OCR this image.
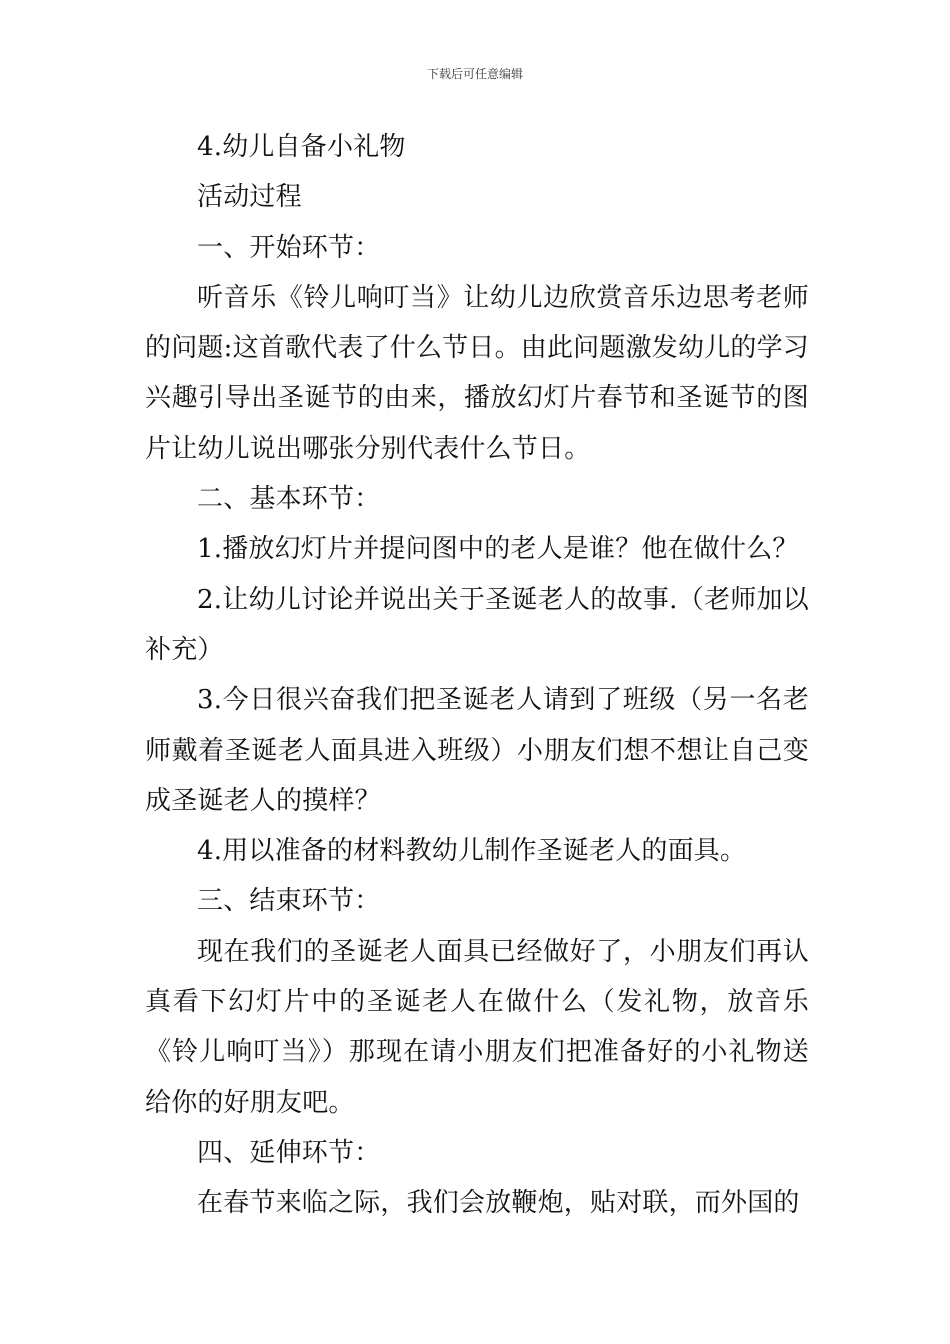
下载后可任意编辑

4.幼儿自备小礼物

活动过程

一、开始环节：

听音乐《铃儿响叮当》让幼儿边欣赏音乐边思考老师的问题:这首歌代表了什么节日。由此问题激发幼儿的学习兴趣引导出圣诞节的由来，播放幻灯片春节和圣诞节的图片让幼儿说出哪张分别代表什么节日。

二、基本环节：

1.播放幻灯片并提问图中的老人是谁？他在做什么？

2.让幼儿讨论并说出关于圣诞老人的故事.（老师加以补充）

3.今日很兴奋我们把圣诞老人请到了班级（另一名老师戴着圣诞老人面具进入班级）小朋友们想不想让自己变成圣诞老人的摸样？

4.用以准备的材料教幼儿制作圣诞老人的面具。

三、结束环节：

现在我们的圣诞老人面具已经做好了，小朋友们再认真看下幻灯片中的圣诞老人在做什么（发礼物，放音乐《铃儿响叮当》）那现在请小朋友们把准备好的小礼物送给你的好朋友吧。

四、延伸环节：

在春节来临之际，我们会放鞭炮，贴对联，而外国的
